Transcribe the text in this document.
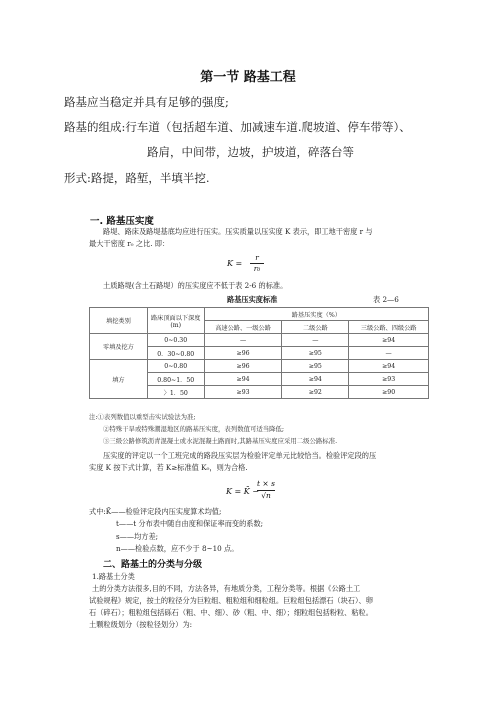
第一节 路基工程
路基应当稳定并具有足够的强度;
路基的组成:行车道（包括超车道、加减速车道.爬坡道、停车带等）、
路肩，中间带，边坡，护坡道，碎落台等
形式:路提，路堑，半填半挖.
一. 路基压实度
路堤、路床及路堤基底均应进行压实。压实质量以压实度 K 表示，即工地干密度 r 与
最大干密度 r₀ 之比. 即：
K =
r
r₀
土质路堤(含土石路堤）的压实度应不低于表 2-6 的标准。
路基压实度标准	表 2—6
填挖类别	路床顶面以下深度
(m)	路基压实度（%）		
		高速公路、一级公路	二级公路	三级公路、四级公路
零填及挖方	0~0.30	—	—	≥94
	0．30~0.80	≥96	≥95	—
填方	0~0.80	≥96	≥95	≥94
	0.80~1．50	≥94	≥94	≥93
	〉1．50	≥93	≥92	≥90
注:①表列数值以重型击实试验法为准;
②特殊干旱或特殊潮湿地区的路基压实度，表列数值可适当降低;
③三级公路修筑沥青混凝土或水泥混凝土路面时,其路基压实度应采用二级公路标准.
压实度的评定以一个工班完成的路段压实层为检验评定单元比较恰当。检验评定段的压
实度 K 按下式计算，若 K≥标准值 K₀，则为合格.
K = K̄ −
t × s
√n
式中:K̄——检验评定段内压实度算术均值;
t——t 分布表中随自由度和保证率而变的系数;
s——均方差;
n——检验点数，应不少于 8~10 点。
二、路基土的分类与分级
1.路基土分类
土的分类方法很多,目的不同，方法各异，有地质分类，工程分类等。根据《公路土工
试验规程》规定，按土的粒径分为巨粒组、粗粒组和细粒组。巨粒组包括漂石（块石）、卵
石（碎石）；粗粒组包括砾石（粗、中、细）、砂（粗、中、细）；细粒组包括粉粒、粘粒。
土颗粒级划分（按粒径划分）为:
